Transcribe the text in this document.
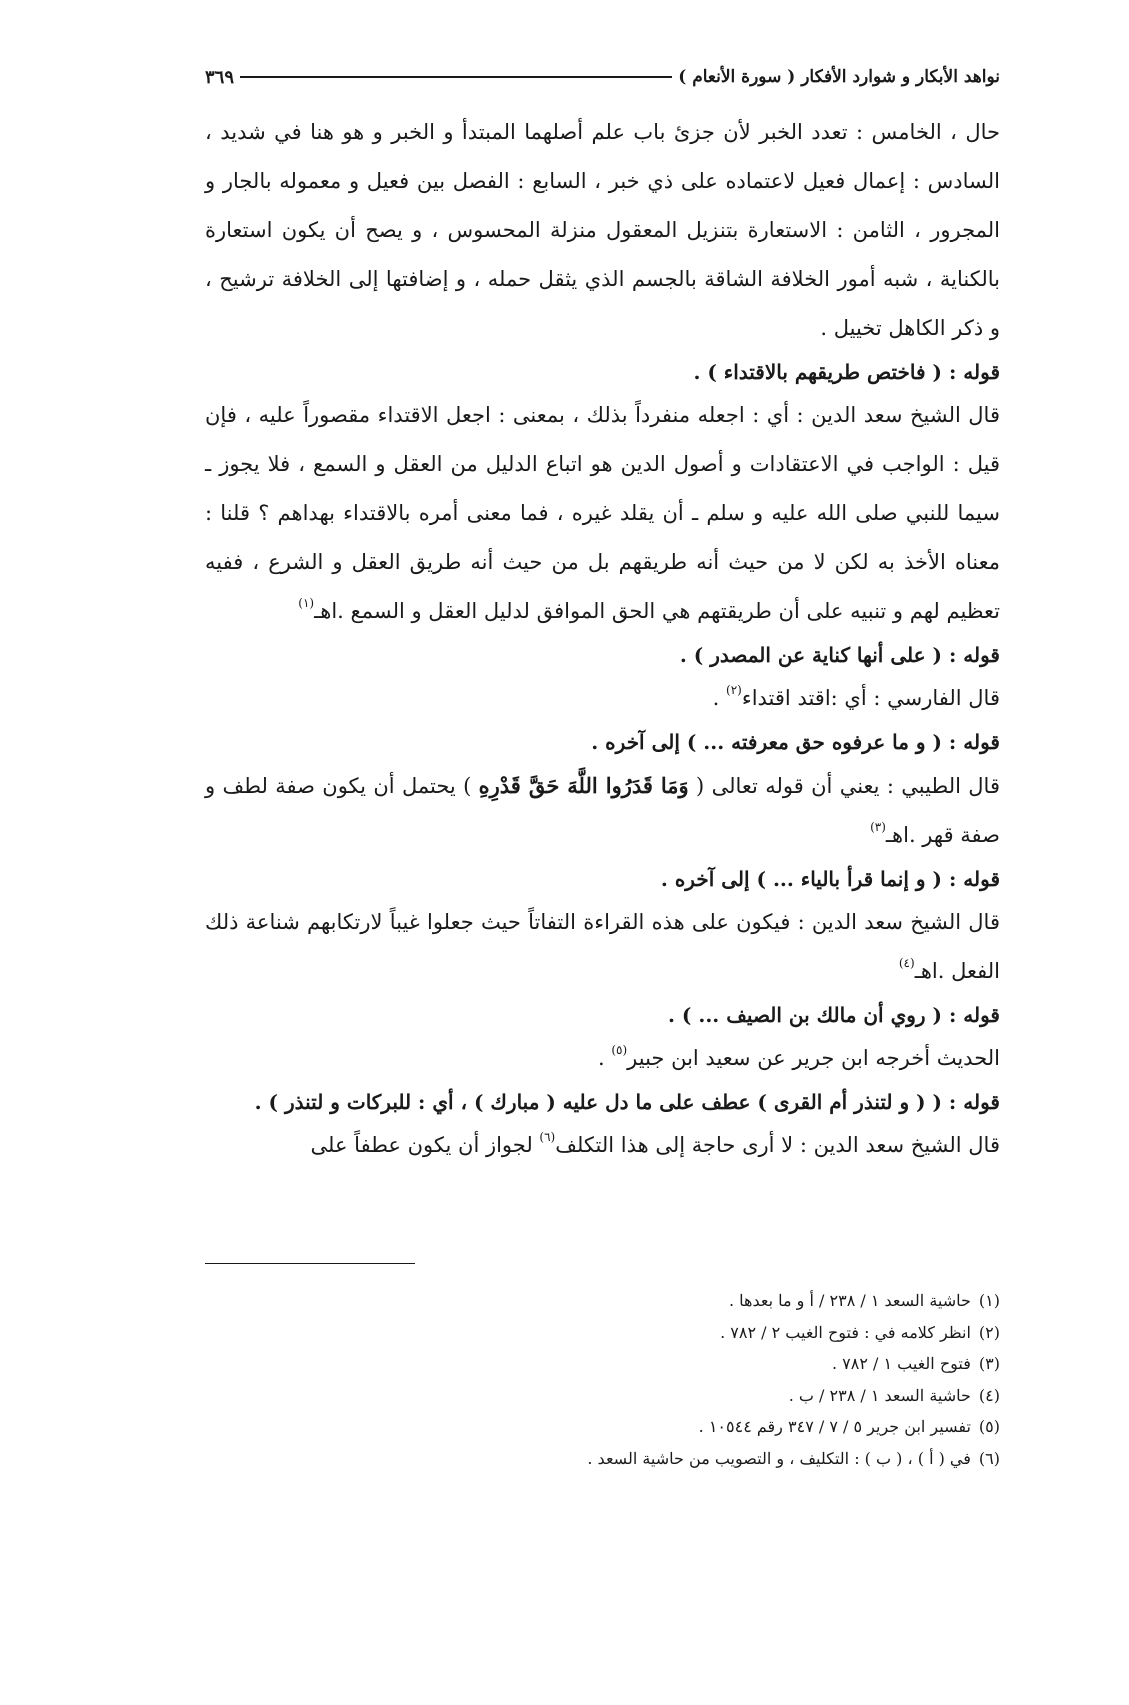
نواهد الأبكار و شوارد الأفكار ( سورة الأنعام )
٣٦٩

حال ، الخامس : تعدد الخبر لأن جزئ باب علم أصلهما المبتدأ و الخبر و هو هنا في شديد ، السادس : إعمال فعيل لاعتماده على ذي خبر ، السابع : الفصل بين فعيل و معموله بالجار و المجرور ، الثامن : الاستعارة بتنزيل المعقول منزلة المحسوس ، و يصح أن يكون استعارة بالكناية ، شبه أمور الخلافة الشاقة بالجسم الذي يثقل حمله ، و إضافتها إلى الخلافة ترشيح ، و ذكر الكاهل تخييل .

قوله : ( فاختص طريقهم بالاقتداء ) .

قال الشيخ سعد الدين : أي : اجعله منفرداً بذلك ، بمعنى : اجعل الاقتداء مقصوراً عليه ، فإن قيل : الواجب في الاعتقادات و أصول الدين هو اتباع الدليل من العقل و السمع ، فلا يجوز ـ سيما للنبي صلى الله عليه و سلم ـ أن يقلد غيره ، فما معنى أمره بالاقتداء بهداهم ؟ قلنا : معناه الأخذ به لكن لا من حيث أنه طريقهم بل من حيث أنه طريق العقل و الشرع ، ففيه تعظيم لهم و تنبيه على أن طريقتهم هي الحق الموافق لدليل العقل و السمع .اهـ$^{(١)}$

قوله : ( على أنها كناية عن المصدر ) .

قال الفارسي : أي :اقتد اقتداء$^{(٢)}$ .

قوله : ( و ما عرفوه حق معرفته ... ) إلى آخره .

قال الطيبي : يعني أن قوله تعالى ( وَمَا قَدَرُوا اللَّهَ حَقَّ قَدْرِهِ ) يحتمل أن يكون صفة لطف و صفة قهر .اهـ$^{(٣)}$

قوله : ( و إنما قرأ بالياء ... ) إلى آخره .

قال الشيخ سعد الدين : فيكون على هذه القراءة التفاتاً حيث جعلوا غيباً لارتكابهم شناعة ذلك الفعل .اهـ$^{(٤)}$

قوله : ( روي أن مالك بن الصيف ... ) .

الحديث أخرجه ابن جرير عن سعيد ابن جبير$^{(٥)}$ .

قوله : ( ( و لتنذر أم القرى ) عطف على ما دل عليه ( مبارك ) ، أي : للبركات و لتنذر ) .

قال الشيخ سعد الدين : لا أرى حاجة إلى هذا التكلف$^{(٦)}$ لجواز أن يكون عطفاً على

(١)
حاشية السعد ١ / ٢٣٨ / أ و ما بعدها .
(٢)
انظر كلامه في : فتوح الغيب ٢ / ٧٨٢ .
(٣)
فتوح الغيب ١ / ٧٨٢ .
(٤)
حاشية السعد ١ / ٢٣٨ / ب .
(٥)
تفسير ابن جرير ٥ / ٧ / ٣٤٧ رقم ١٠٥٤٤ .
(٦)
في ( أ ) ، ( ب ) : التكليف ، و التصويب من حاشية السعد .
